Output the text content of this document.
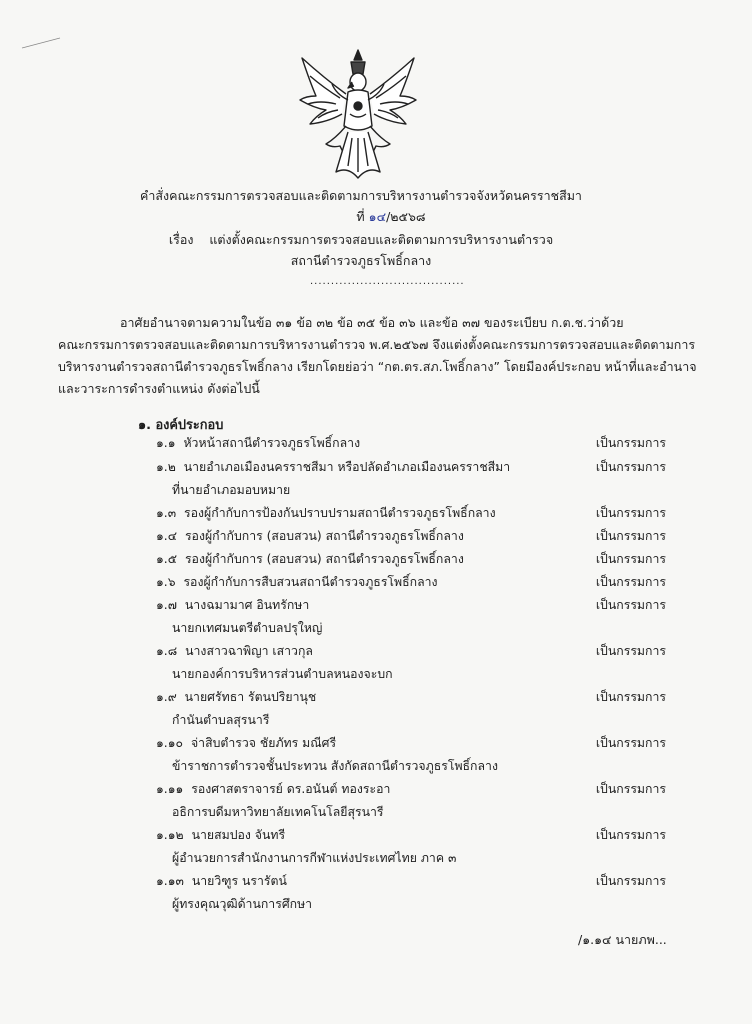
คำสั่งคณะกรรมการตรวจสอบและติดตามการบริหารงานตำรวจจังหวัดนครราชสีมา
ที่ ๑๔/๒๕๖๘
เรื่อง แต่งตั้งคณะกรรมการตรวจสอบและติดตามการบริหารงานตำรวจ
สถานีตำรวจภูธรโพธิ์กลาง
.....................................
อาศัยอำนาจตามความในข้อ ๓๑ ข้อ ๓๒ ข้อ ๓๕ ข้อ ๓๖ และข้อ ๓๗ ของระเบียบ ก.ต.ช.ว่าด้วย
คณะกรรมการตรวจสอบและติดตามการบริหารงานตำรวจ พ.ศ.๒๕๖๗ จึงแต่งตั้งคณะกรรมการตรวจสอบและติดตามการ
บริหารงานตำรวจสถานีตำรวจภูธรโพธิ์กลาง เรียกโดยย่อว่า “กต.ตร.สภ.โพธิ์กลาง” โดยมีองค์ประกอบ หน้าที่และอำนาจ
และวาระการดำรงตำแหน่ง ดังต่อไปนี้
๑. องค์ประกอบ
๑.๑ หัวหน้าสถานีตำรวจภูธรโพธิ์กลาง	เป็นกรรมการ
๑.๒ นายอำเภอเมืองนครราชสีมา หรือปลัดอำเภอเมืองนครราชสีมา	เป็นกรรมการ
ที่นายอำเภอมอบหมาย
๑.๓ รองผู้กำกับการป้องกันปราบปรามสถานีตำรวจภูธรโพธิ์กลาง	เป็นกรรมการ
๑.๔ รองผู้กำกับการ (สอบสวน) สถานีตำรวจภูธรโพธิ์กลาง	เป็นกรรมการ
๑.๕ รองผู้กำกับการ (สอบสวน) สถานีตำรวจภูธรโพธิ์กลาง	เป็นกรรมการ
๑.๖ รองผู้กำกับการสืบสวนสถานีตำรวจภูธรโพธิ์กลาง	เป็นกรรมการ
๑.๗ นางฉมามาศ อินทรักษา	เป็นกรรมการ
นายกเทศมนตรีตำบลปรุใหญ่
๑.๘ นางสาวฉาพิญา เสาวกุล	เป็นกรรมการ
นายกองค์การบริหารส่วนตำบลหนองจะบก
๑.๙ นายศรัทธา รัตนปริยานุช	เป็นกรรมการ
กำนันตำบลสุรนารี
๑.๑๐ จ่าสิบตำรวจ ชัยภัทร มณีศรี	เป็นกรรมการ
ข้าราชการตำรวจชั้นประทวน สังกัดสถานีตำรวจภูธรโพธิ์กลาง
๑.๑๑ รองศาสตราจารย์ ดร.อนันต์ ทองระอา	เป็นกรรมการ
อธิการบดีมหาวิทยาลัยเทคโนโลยีสุรนารี
๑.๑๒ นายสมปอง จันทรี	เป็นกรรมการ
ผู้อำนวยการสำนักงานการกีฬาแห่งประเทศไทย ภาค ๓
๑.๑๓ นายวิฑูร นรารัตน์	เป็นกรรมการ
ผู้ทรงคุณวุฒิด้านการศึกษา
/๑.๑๔ นายภพ...
